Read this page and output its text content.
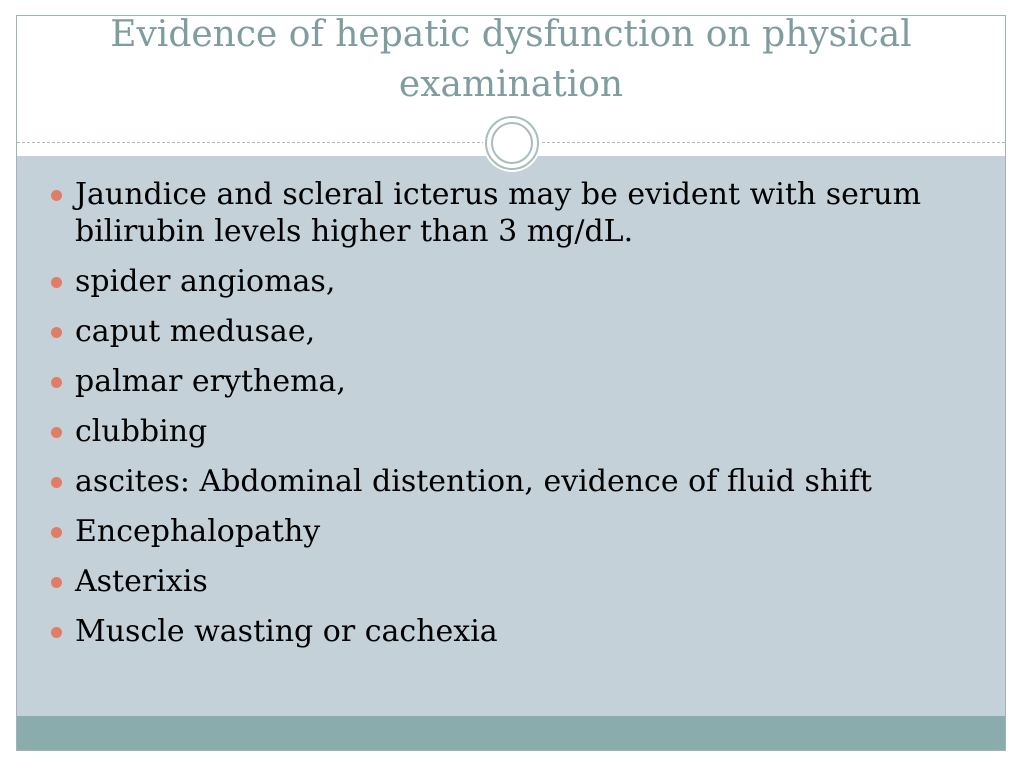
Evidence of hepatic dysfunction on physical examination
Jaundice and scleral icterus may be evident with serum bilirubin levels higher than 3 mg/dL.
spider angiomas,
caput medusae,
palmar erythema,
clubbing
ascites: Abdominal distention, evidence of fluid shift
Encephalopathy
Asterixis
Muscle wasting or cachexia
